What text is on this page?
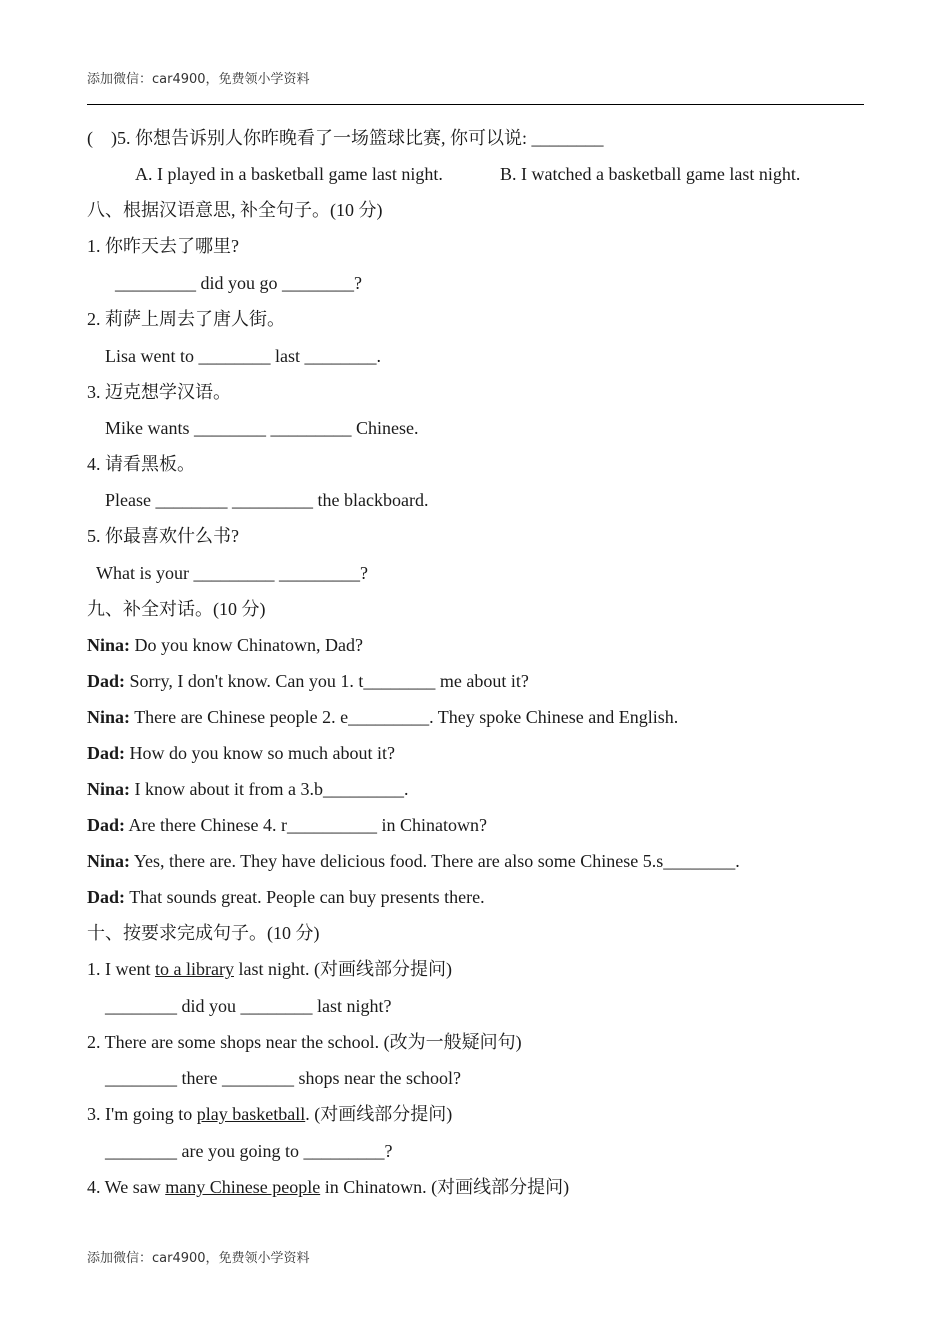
添加微信：car4900，免费领小学资料
(    )5. 你想告诉别人你昨晚看了一场篮球比赛, 你可以说: ________
A. I played in a basketball game last night.	B. I watched a basketball game last night.
八、根据汉语意思, 补全句子。(10 分)
1. 你昨天去了哪里?
_________ did you go ________?
2. 莉萨上周去了唐人街。
Lisa went to ________ last ________.
3. 迈克想学汉语。
Mike wants ________ _________ Chinese.
4. 请看黑板。
Please ________ _________ the blackboard.
5. 你最喜欢什么书?
What is your _________ _________?
九、补全对话。(10 分)
Nina: Do you know Chinatown, Dad?
Dad: Sorry, I don't know. Can you 1. t________ me about it?
Nina: There are Chinese people 2. e_________. They spoke Chinese and English.
Dad: How do you know so much about it?
Nina: I know about it from a 3.b_________.
Dad: Are there Chinese 4. r__________ in Chinatown?
Nina: Yes, there are. They have delicious food. There are also some Chinese 5.s________.
Dad: That sounds great. People can buy presents there.
十、按要求完成句子。(10 分)
1. I went to a library last night. (对画线部分提问)
________ did you ________ last night?
2. There are some shops near the school. (改为一般疑问句)
________ there ________ shops near the school?
3. I'm going to play basketball. (对画线部分提问)
________ are you going to _________?
4. We saw many Chinese people in Chinatown. (对画线部分提问)
添加微信：car4900，免费领小学资料
